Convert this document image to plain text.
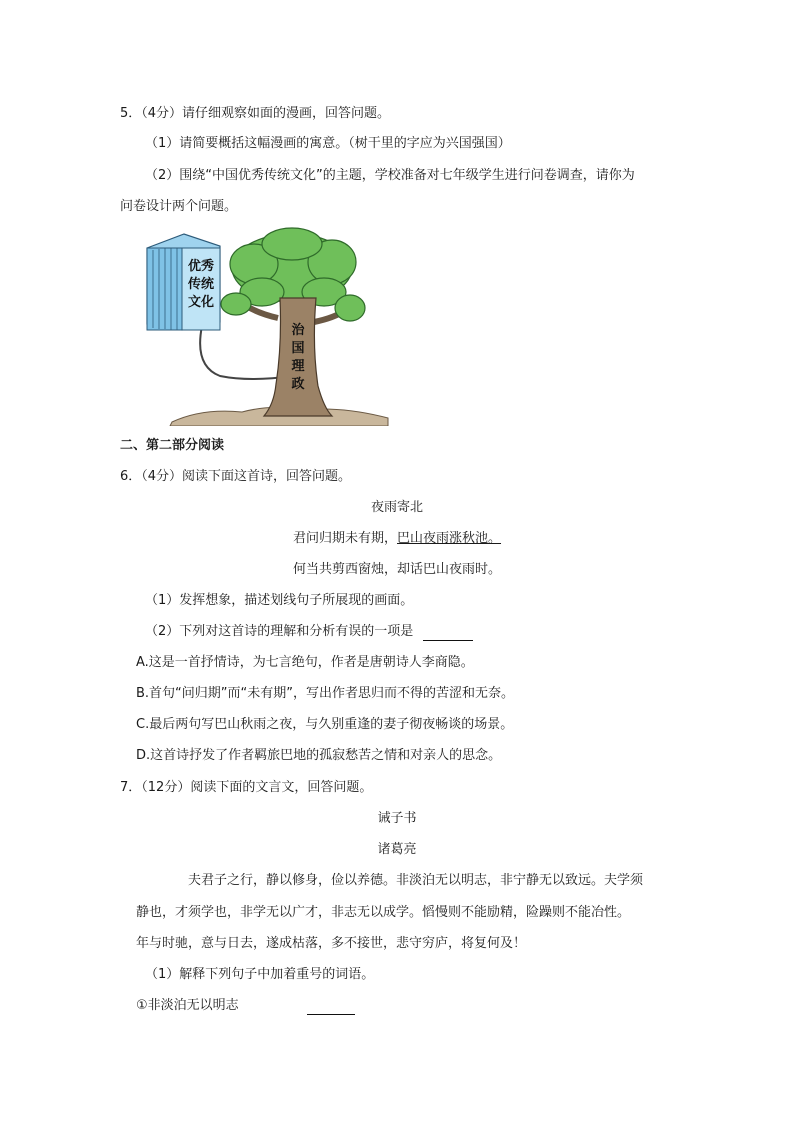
5．（4分）请仔细观察如面的漫画，回答问题。
（1）请简要概括这幅漫画的寓意。（树干里的字应为兴国强国）
（2）围绕“中国优秀传统文化”的主题，学校准备对七年级学生进行问卷调查，请你为
问卷设计两个问题。
优秀
传统
文化
治
国
理
政
二、第二部分阅读
6．（4分）阅读下面这首诗，回答问题。
夜雨寄北
君问归期未有期，巴山夜雨涨秋池。
何当共剪西窗烛，却话巴山夜雨时。
（1）发挥想象，描述划线句子所展现的画面。
（2）下列对这首诗的理解和分析有误的一项是
A.这是一首抒情诗，为七言绝句，作者是唐朝诗人李商隐。
B.首句“问归期”而“未有期”，写出作者思归而不得的苦涩和无奈。
C.最后两句写巴山秋雨之夜，与久别重逢的妻子彻夜畅谈的场景。
D.这首诗抒发了作者羁旅巴地的孤寂愁苦之情和对亲人的思念。
7．（12分）阅读下面的文言文，回答问题。
诫子书
诸葛亮
夫君子之行，静以修身，俭以养德。非淡泊无以明志，非宁静无以致远。夫学须
静也，才须学也，非学无以广才，非志无以成学。慆慢则不能励精，险躁则不能冶性。
年与时驰，意与日去，遂成枯落，多不接世，悲守穷庐，将复何及！
（1）解释下列句子中加着重号的词语。
①非淡泊无以明志
